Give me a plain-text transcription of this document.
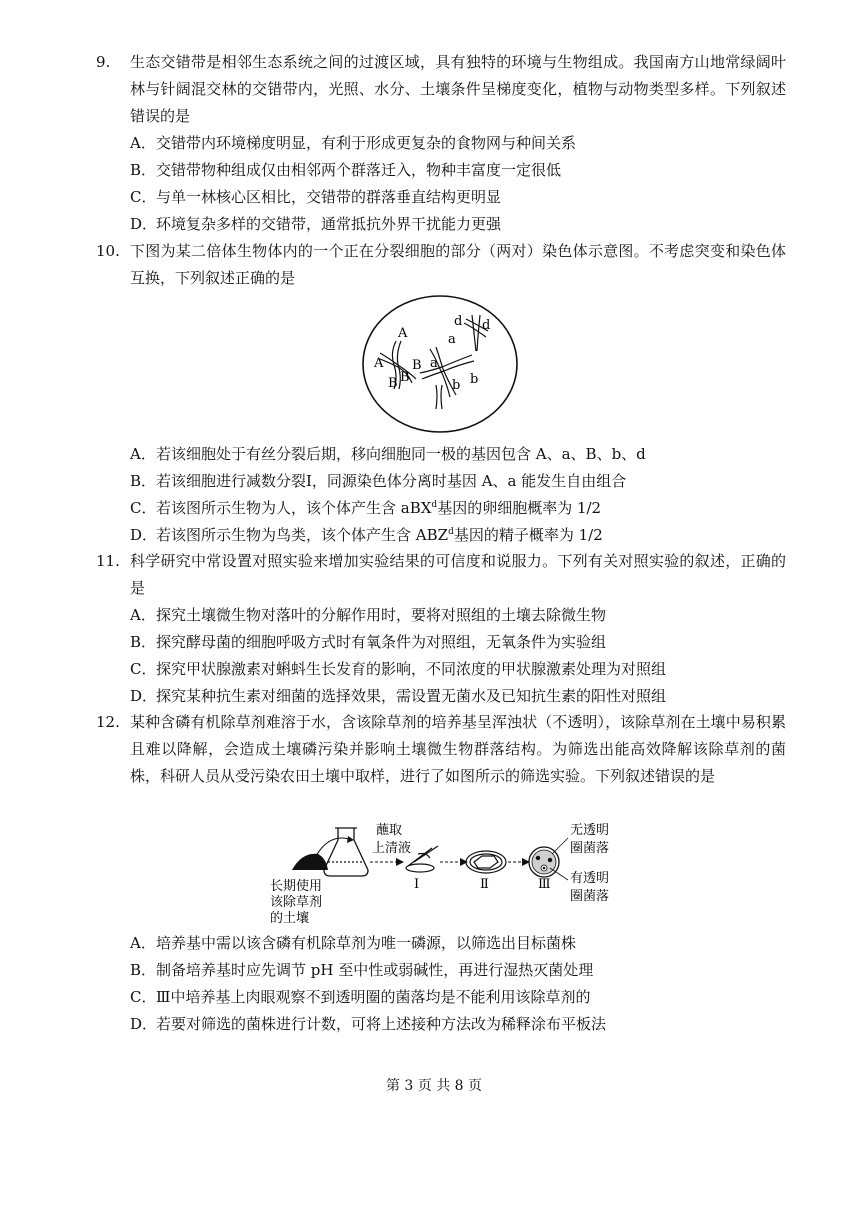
9. 生态交错带是相邻生态系统之间的过渡区域，具有独特的环境与生物组成。我国南方山地常绿阔叶林与针阔混交林的交错带内，光照、水分、土壤条件呈梯度变化，植物与动物类型多样。下列叙述错误的是
A．交错带内环境梯度明显，有利于形成更复杂的食物网与种间关系
B．交错带物种组成仅由相邻两个群落迁入，物种丰富度一定很低
C．与单一林核心区相比，交错带的群落垂直结构更明显
D．环境复杂多样的交错带，通常抵抗外界干扰能力更强
10. 下图为某二倍体生物体内的一个正在分裂细胞的部分（两对）染色体示意图。不考虑突变和染色体互换，下列叙述正确的是
A
A B
B B
a
a
b b
d d
A．若该细胞处于有丝分裂后期，移向细胞同一极的基因包含 A、a、B、b、d
B．若该细胞进行减数分裂Ⅰ，同源染色体分离时基因 A、a 能发生自由组合
C．若该图所示生物为人，该个体产生含 aBX$^d$基因的卵细胞概率为 1/2
D．若该图所示生物为鸟类，该个体产生含 ABZ$^d$基因的精子概率为 1/2
11. 科学研究中常设置对照实验来增加实验结果的可信度和说服力。下列有关对照实验的叙述，正确的是
A．探究土壤微生物对落叶的分解作用时，要将对照组的土壤去除微生物
B．探究酵母菌的细胞呼吸方式时有氧条件为对照组，无氧条件为实验组
C．探究甲状腺激素对蝌蚪生长发育的影响，不同浓度的甲状腺激素处理为对照组
D．探究某种抗生素对细菌的选择效果，需设置无菌水及已知抗生素的阳性对照组
12. 某种含磷有机除草剂难溶于水，含该除草剂的培养基呈浑浊状（不透明），该除草剂在土壤中易积累且难以降解，会造成土壤磷污染并影响土壤微生物群落结构。为筛选出能高效降解该除草剂的菌株，科研人员从受污染农田土壤中取样，进行了如图所示的筛选实验。下列叙述错误的是
长期使用
该除草剂
的土壤
蘸取
上清液
Ⅰ	Ⅱ	Ⅲ
无透明
圈菌落
有透明
圈菌落
A．培养基中需以该含磷有机除草剂为唯一磷源，以筛选出目标菌株
B．制备培养基时应先调节 pH 至中性或弱碱性，再进行湿热灭菌处理
C．Ⅲ中培养基上肉眼观察不到透明圈的菌落均是不能利用该除草剂的
D．若要对筛选的菌株进行计数，可将上述接种方法改为稀释涂布平板法
第 3 页 共 8 页
